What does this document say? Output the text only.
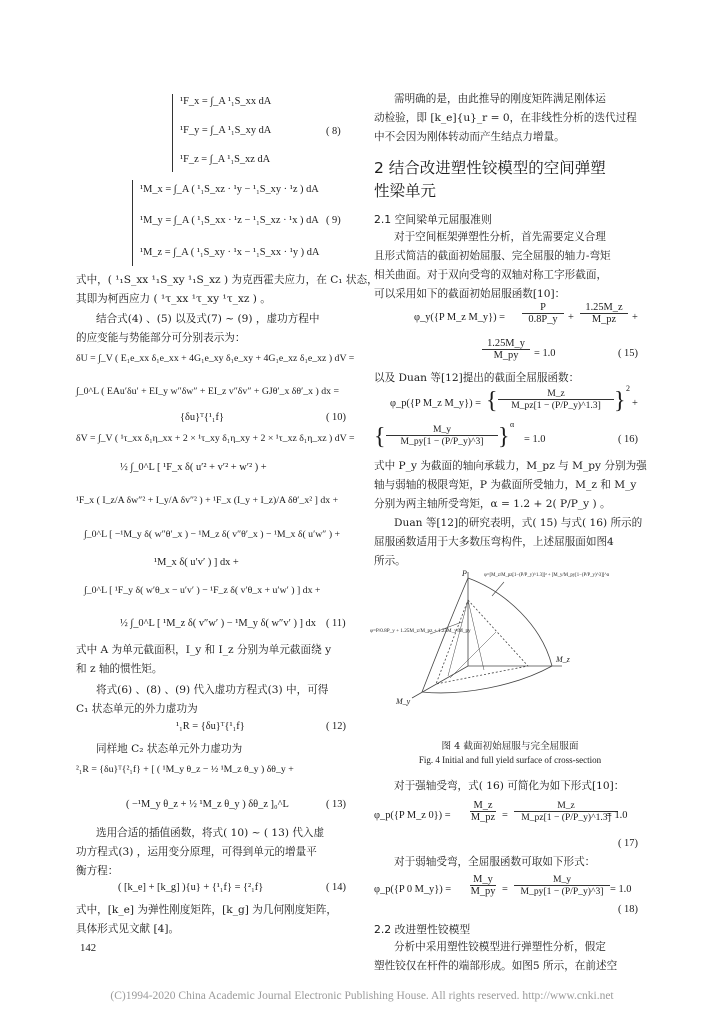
¹F_x = ∫_A ¹₁S_xx dA
¹F_y = ∫_A ¹₁S_xy dA
¹F_z = ∫_A ¹₁S_xz dA
( 8)
¹M_x = ∫_A ( ¹₁S_xz · ¹y − ¹₁S_xy · ¹z ) dA
¹M_y = ∫_A ( ¹₁S_xx · ¹z − ¹₁S_xz · ¹x ) dA
¹M_z = ∫_A ( ¹₁S_xy · ¹x − ¹₁S_xx · ¹y ) dA
( 9)
式中，( ¹₁S_xx ¹₁S_xy ¹₁S_xz ) 为克西霍夫应力，在 C₁ 状态，
其即为柯西应力 ( ¹τ_xx ¹τ_xy ¹τ_xz ) 。
结合式(4) 、(5) 以及式(7) ~ (9) ，虚功方程中
的应变能与势能部分可分别表示为：
δU = ∫_V ( E₁e_xx δ₁e_xx + 4G₁e_xy δ₁e_xy + 4G₁e_xz δ₁e_xz ) dV =
∫_0^L ( EAu′δu′ + EI_y w″δw″ + EI_z v″δv″ + GJθ′_x δθ′_x ) dx =
{δu}ᵀ{¹₁f}	( 10)
δV = ∫_V ( ¹τ_xx δ₁η_xx + 2 × ¹τ_xy δ₁η_xy + 2 × ¹τ_xz δ₁η_xz ) dV =
½ ∫_0^L [ ¹F_x δ( u′² + v′² + w′² ) +
¹F_x ( I_z/A δw″² + I_y/A δv″² ) + ¹F_x (I_y + I_z)/A δθ′_x² ] dx +
∫_0^L [ −¹M_y δ( w″θ′_x ) − ¹M_z δ( v″θ′_x ) − ¹M_x δ( u′w″ ) +
¹M_x δ( u′v′ ) ] dx +
∫_0^L [ ¹F_y δ( w′θ_x − u′v′ ) − ¹F_z δ( v′θ_x + u′w′ ) ] dx +
½ ∫_0^L [ ¹M_z δ( v″w′ ) − ¹M_y δ( w″v′ ) ] dx ( 11)
式中 A 为单元截面积，I_y 和 I_z 分别为单元截面绕 y
和 z 轴的惯性矩。
将式(6) 、(8) 、(9) 代入虚功方程式(3) 中，可得
C₁ 状态单元的外力虚功为
¹₁R = {δu}ᵀ{¹₁f}	( 12)
同样地 C₂ 状态单元外力虚功为
²₁R = {δu}ᵀ{²₁f} + [ ( ¹M_y θ_z − ½ ¹M_z θ_y ) δθ_y +
( −¹M_y θ_z + ½ ¹M_z θ_y ) δθ_z ]₀^L	( 13)
选用合适的插值函数，将式( 10) ~ ( 13) 代入虚
功方程式(3) ，运用变分原理，可得到单元的增量平
衡方程：
( [k_e] + [k_g] ){u} + {¹₁f} = {²₁f}	( 14)
式中，[k_e] 为弹性刚度矩阵，[k_g] 为几何刚度矩阵，
具体形式见文献 [4]。
需明确的是，由此推导的刚度矩阵满足刚体运
动检验，即 [k_e]{u}_r = 0，在非线性分析的迭代过程
中不会因为刚体转动而产生结点力增量。
2 结合改进塑性铰模型的空间弹塑
性梁单元
2.1 空间梁单元屈服准则
对于空间框架弹塑性分析，首先需要定义合理
且形式简洁的截面初始屈服、完全屈服的轴力-弯矩
相关曲面。对于双向受弯的双轴对称工字形截面，
可以采用如下的截面初始屈服函数[10]：
φ_y({P M_z M_y}) = $\frac{P}{0.8P\_y} + \frac{1.25M\_z}{M\_pz}$ +
$\frac{1.25M\_y}{M\_py} = 1.0$	( 15)
以及 Duan 等[12]提出的截面全屈服函数：
φ_p({P M_z M_y}) = { $\frac{M\_z}{M\_pz[1 - (P/P\_y)\^{}1.3]}$ } 2
+
{ $\frac{M\_y}{M\_py[1 - (P/P\_y)\^{}3]}$ } α
= 1.0	( 16)
式中 P_y 为截面的轴向承载力，M_pz 与 M_py 分别为强
轴与弱轴的极限弯矩，P 为截面所受轴力，M_z 和 M_y
分别为两主轴所受弯矩，α = 1.2 + 2( P/P_y ) 。
Duan 等[12]的研究表明，式( 15) 与式( 16) 所示的
屈服函数适用于大多数压弯构件，上述屈服面如图4
所示。
P
M_z
M_y
φ=P/0.8P_y + 1.25M_z/M_pz + 1.25M_y/M_py
φ=[M_z/M_pz[1−(P/P_y)^1.3]]² + [M_y/M_py[1−(P/P_y)^3]]^α
图 4 截面初始屈服与完全屈服面
Fig. 4 Initial and full yield surface of cross-section
对于强轴受弯，式( 16) 可简化为如下形式[10]：
φ_p({P M_z $0\}) = \frac{M\_z}{M\_pz} = \frac{M\_z}{M\_pz[1 - (P/P\_y)\^{}1.3]}$
= 1.0
( 17)
对于弱轴受弯，全屈服函数可取如下形式：
φ_p({P 0 M_y}) = $\frac{M\_y}{M\_py} = \frac{M\_y}{M\_py[1 - (P/P\_y)\^{}3]} = 1.0$
( 18)
2.2 改进塑性铰模型
分析中采用塑性铰模型进行弹塑性分析，假定
塑性铰仅在杆件的端部形成。如图5 所示，在前述空
142
(C)1994-2020 China Academic Journal Electronic Publishing House. All rights reserved. http://www.cnki.net
